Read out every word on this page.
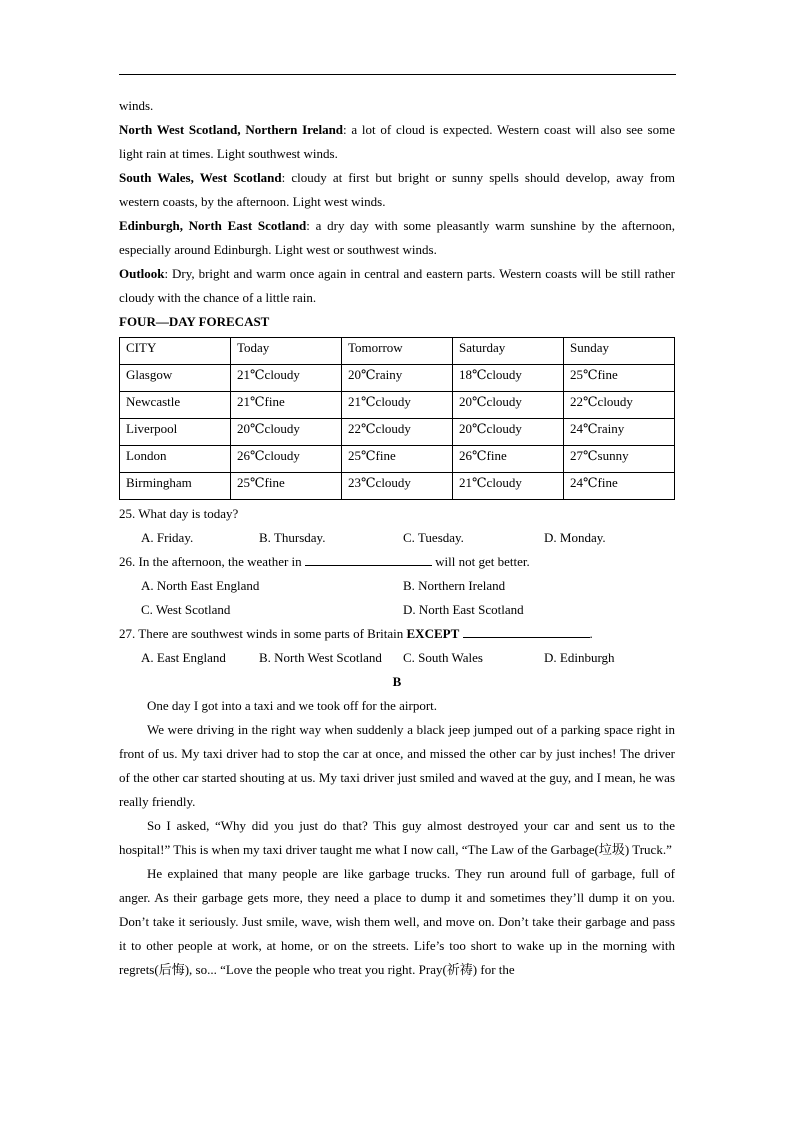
winds.

North West Scotland, Northern Ireland: a lot of cloud is expected. Western coast will also see some light rain at times. Light southwest winds.

South Wales, West Scotland: cloudy at first but bright or sunny spells should develop, away from western coasts, by the afternoon. Light west winds.

Edinburgh, North East Scotland: a dry day with some pleasantly warm sunshine by the afternoon, especially around Edinburgh. Light west or southwest winds.

Outlook: Dry, bright and warm once again in central and eastern parts. Western coasts will be still rather cloudy with the chance of a little rain.

FOUR—DAY FORECAST
CITY	Today	Tomorrow	Saturday	Sunday
Glasgow	21℃cloudy	20℃rainy	18℃cloudy	25℃fine
Newcastle	21℃fine	21℃cloudy	20℃cloudy	22℃cloudy
Liverpool	20℃cloudy	22℃cloudy	20℃cloudy	24℃rainy
London	26℃cloudy	25℃fine	26℃fine	27℃sunny
Birmingham	25℃fine	23℃cloudy	21℃cloudy	24℃fine
25. What day is today?
A. Friday.	B. Thursday.	C. Tuesday.	D. Monday.
26. In the afternoon, the weather in	will not get better.
A. North East England	B. Northern Ireland
C. West Scotland	D. North East Scotland
27. There are southwest winds in some parts of Britain EXCEPT	.
A. East England	B. North West Scotland	C. South Wales	D. Edinburgh
B

One day I got into a taxi and we took off for the airport.

We were driving in the right way when suddenly a black jeep jumped out of a parking space right in front of us. My taxi driver had to stop the car at once, and missed the other car by just inches! The driver of the other car started shouting at us. My taxi driver just smiled and waved at the guy, and I mean, he was really friendly.

So I asked, “Why did you just do that? This guy almost destroyed your car and sent us to the hospital!” This is when my taxi driver taught me what I now call, “The Law of the Garbage(垃圾) Truck.”

He explained that many people are like garbage trucks. They run around full of garbage, full of anger. As their garbage gets more, they need a place to dump it and sometimes they’ll dump it on you. Don’t take it seriously. Just smile, wave, wish them well, and move on. Don’t take their garbage and pass it to other people at work, at home, or on the streets. Life’s too short to wake up in the morning with regrets(后悔), so... “Love the people who treat you right. Pray(祈祷) for the
